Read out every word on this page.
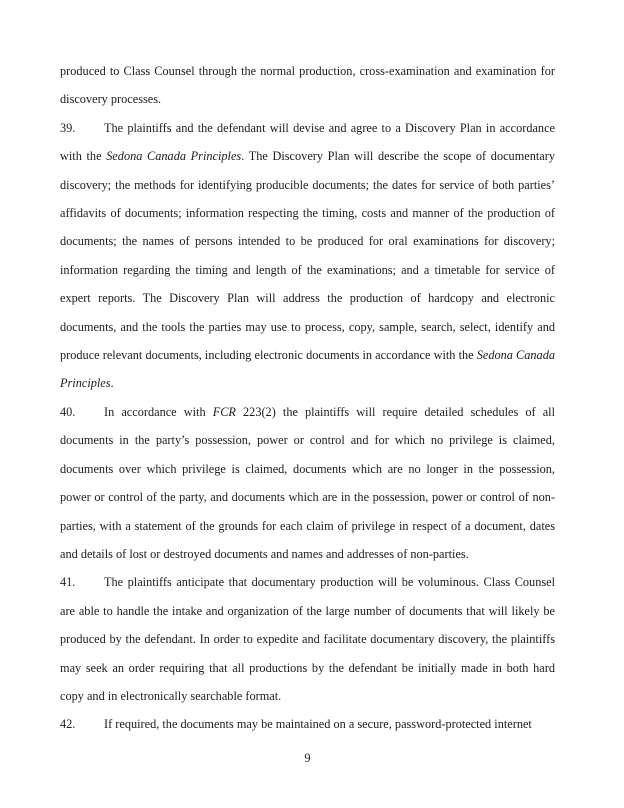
produced to Class Counsel through the normal production, cross-examination and examination for discovery processes.

39. The plaintiffs and the defendant will devise and agree to a Discovery Plan in accordance with the Sedona Canada Principles. The Discovery Plan will describe the scope of documentary discovery; the methods for identifying producible documents; the dates for service of both parties’ affidavits of documents; information respecting the timing, costs and manner of the production of documents; the names of persons intended to be produced for oral examinations for discovery; information regarding the timing and length of the examinations; and a timetable for service of expert reports. The Discovery Plan will address the production of hardcopy and electronic documents, and the tools the parties may use to process, copy, sample, search, select, identify and produce relevant documents, including electronic documents in accordance with the Sedona Canada Principles.

40. In accordance with FCR 223(2) the plaintiffs will require detailed schedules of all documents in the party’s possession, power or control and for which no privilege is claimed, documents over which privilege is claimed, documents which are no longer in the possession, power or control of the party, and documents which are in the possession, power or control of non-parties, with a statement of the grounds for each claim of privilege in respect of a document, dates and details of lost or destroyed documents and names and addresses of non-parties.

41. The plaintiffs anticipate that documentary production will be voluminous. Class Counsel are able to handle the intake and organization of the large number of documents that will likely be produced by the defendant. In order to expedite and facilitate documentary discovery, the plaintiffs may seek an order requiring that all productions by the defendant be initially made in both hard copy and in electronically searchable format.

42. If required, the documents may be maintained on a secure, password-protected internet

9
